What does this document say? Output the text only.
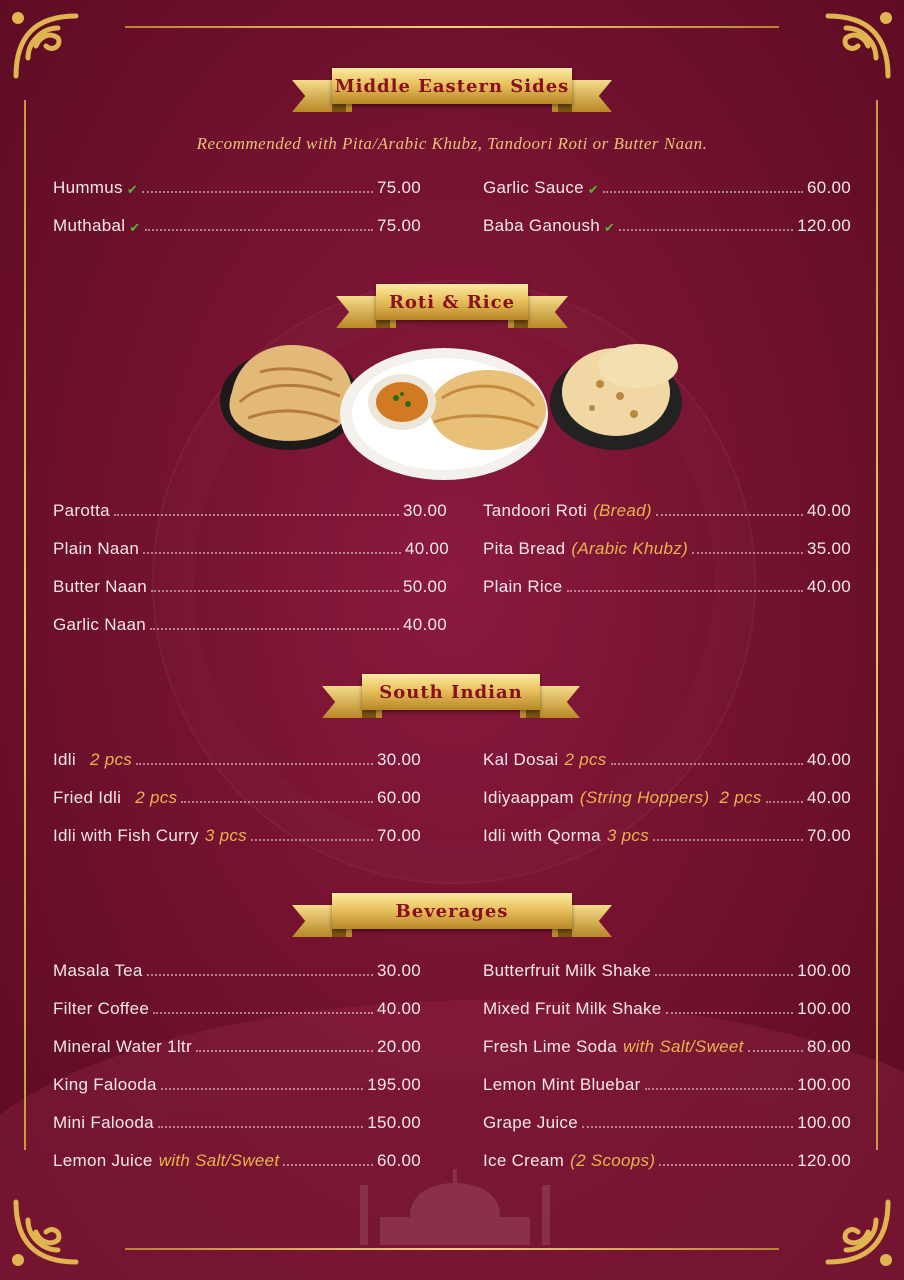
Middle Eastern Sides
Recommended with Pita/Arabic Khubz, Tandoori Roti or Butter Naan.
Roti & Rice
South Indian
Beverages
Hummus ✔	75.00
Muthabal ✔	75.00
Garlic Sauce ✔	60.00
Baba Ganoush ✔	120.00
Parotta	30.00
Plain Naan	40.00
Butter Naan	50.00
Garlic Naan	40.00
Tandoori Roti (Bread)	40.00
Pita Bread (Arabic Khubz)	35.00
Plain Rice	40.00
Idli 2 pcs	30.00
Fried Idli 2 pcs	60.00
Idli with Fish Curry 3 pcs	70.00
Kal Dosai 2 pcs	40.00
Idiyaappam (String Hoppers)  2 pcs	40.00
Idli with Qorma 3 pcs	70.00
Masala Tea	30.00
Filter Coffee	40.00
Mineral Water 1ltr	20.00
King Falooda	195.00
Mini Falooda	150.00
Lemon Juice with Salt/Sweet	60.00
Butterfruit Milk Shake	100.00
Mixed Fruit Milk Shake	100.00
Fresh Lime Soda with Salt/Sweet	80.00
Lemon Mint Bluebar	100.00
Grape Juice	100.00
Ice Cream (2 Scoops)	120.00
